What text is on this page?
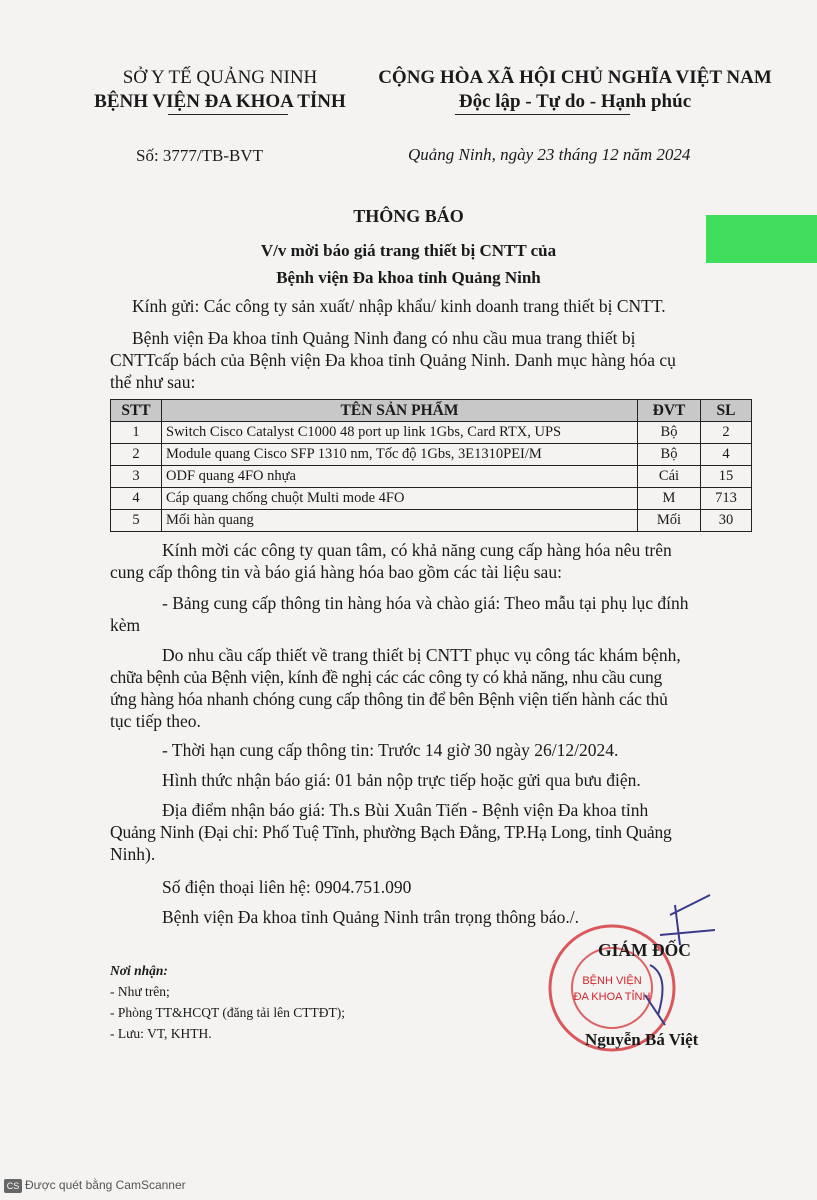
SỞ Y TẾ QUẢNG NINH
BỆNH VIỆN ĐA KHOA TỈNH
CỘNG HÒA XÃ HỘI CHỦ NGHĨA VIỆT NAM
Độc lập - Tự do - Hạnh phúc
Số: 3777/TB-BVT	Quảng Ninh, ngày 23 tháng 12 năm 2024
THÔNG BÁO
V/v mời báo giá trang thiết bị CNTT của
Bệnh viện Đa khoa tỉnh Quảng Ninh
Kính gửi: Các công ty sản xuất/ nhập khẩu/ kinh doanh trang thiết bị CNTT.
Bệnh viện Đa khoa tỉnh Quảng Ninh đang có nhu cầu mua trang thiết bị
CNTTcấp bách của Bệnh viện Đa khoa tỉnh Quảng Ninh. Danh mục hàng hóa cụ
thể như sau:
STT	TÊN SẢN PHẨM	ĐVT	SL
1	Switch Cisco Catalyst C1000 48 port up link 1Gbs, Card RTX, UPS	Bộ	2
2	Module quang Cisco SFP 1310 nm, Tốc độ 1Gbs, 3E1310PEI/M	Bộ	4
3	ODF quang 4FO nhựa	Cái	15
4	Cáp quang chống chuột Multi mode 4FO	M	713
5	Mối hàn quang	Mối	30
Kính mời các công ty quan tâm, có khả năng cung cấp hàng hóa nêu trên
cung cấp thông tin và báo giá hàng hóa bao gồm các tài liệu sau:
- Bảng cung cấp thông tin hàng hóa và chào giá: Theo mẫu tại phụ lục đính
kèm
Do nhu cầu cấp thiết về trang thiết bị CNTT phục vụ công tác khám bệnh,
chữa bệnh của Bệnh viện, kính đề nghị các các công ty có khả năng, nhu cầu cung
ứng hàng hóa nhanh chóng cung cấp thông tin để bên Bệnh viện tiến hành các thủ
tục tiếp theo.
- Thời hạn cung cấp thông tin: Trước 14 giờ 30 ngày 26/12/2024.
Hình thức nhận báo giá: 01 bản nộp trực tiếp hoặc gửi qua bưu điện.
Địa điểm nhận báo giá: Th.s Bùi Xuân Tiến - Bệnh viện Đa khoa tỉnh
Quảng Ninh (Đại chỉ: Phố Tuệ Tĩnh, phường Bạch Đằng, TP.Hạ Long, tỉnh Quảng
Ninh).
Số điện thoại liên hệ: 0904.751.090
Bệnh viện Đa khoa tỉnh Quảng Ninh trân trọng thông báo./.
Nơi nhận:
- Như trên;
- Phòng TT&HCQT (đăng tải lên CTTĐT);
- Lưu: VT, KHTH.
BỆNH VIỆN
ĐA KHOA TỈNH
GIÁM ĐỐC
Nguyễn Bá Việt
CS Được quét bằng CamScanner
